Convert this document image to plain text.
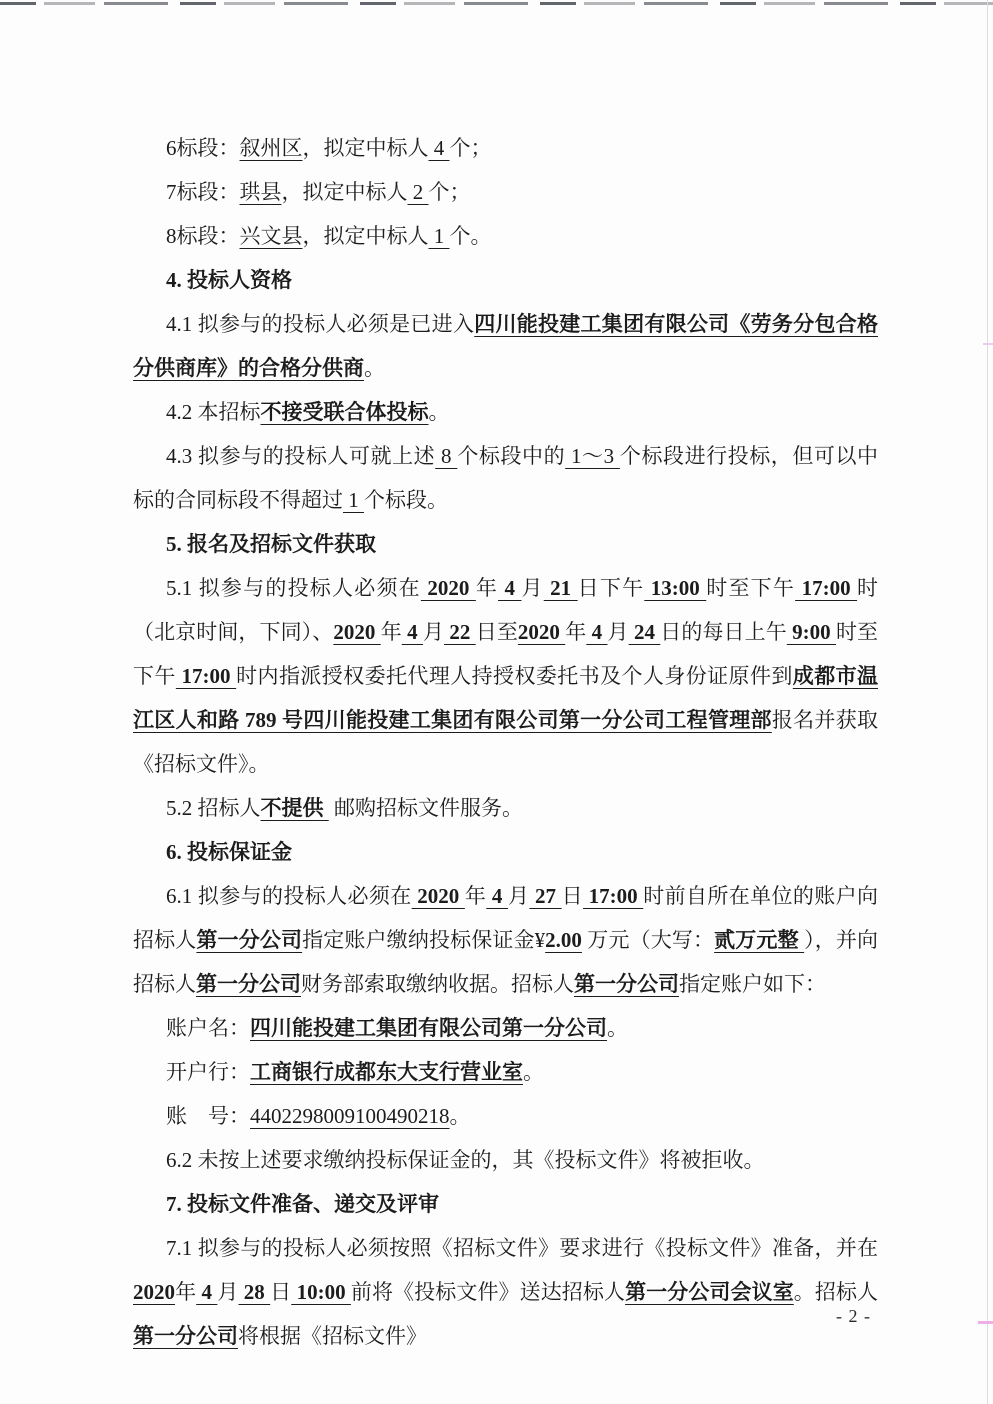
6标段：叙州区，拟定中标人 4 个；

7标段：珙县，拟定中标人 2 个；

8标段：兴文县，拟定中标人 1 个。

4. 投标人资格

4.1 拟参与的投标人必须是已进入四川能投建工集团有限公司《劳务分包合格分供商库》的合格分供商。

4.2 本招标不接受联合体投标。

4.3 拟参与的投标人可就上述 8 个标段中的 1～3 个标段进行投标，但可以中标的合同标段不得超过 1 个标段。

5. 报名及招标文件获取

5.1 拟参与的投标人必须在 2020 年 4 月 21 日下午 13:00 时至下午 17:00 时（北京时间，下同）、2020 年 4 月 22 日至2020 年 4 月 24 日的每日上午 9:00 时至下午 17:00 时内指派授权委托代理人持授权委托书及个人身份证原件到成都市温江区人和路 789 号四川能投建工集团有限公司第一分公司工程管理部报名并获取《招标文件》。

5.2 招标人不提供  邮购招标文件服务。

6. 投标保证金

6.1 拟参与的投标人必须在 2020 年 4 月 27 日 17:00 时前自所在单位的账户向招标人第一分公司指定账户缴纳投标保证金¥2.00 万元（大写：贰万元整 ），并向招标人第一分公司财务部索取缴纳收据。招标人第一分公司指定账户如下：

账户名：四川能投建工集团有限公司第一分公司。

开户行：工商银行成都东大支行营业室。

账　号：4402298009100490218。

6.2 未按上述要求缴纳投标保证金的，其《投标文件》将被拒收。

7. 投标文件准备、递交及评审

7.1 拟参与的投标人必须按照《招标文件》要求进行《投标文件》准备，并在2020年 4 月 28 日 10:00 前将《投标文件》送达招标人第一分公司会议室。招标人第一分公司将根据《招标文件》

- 2 -
